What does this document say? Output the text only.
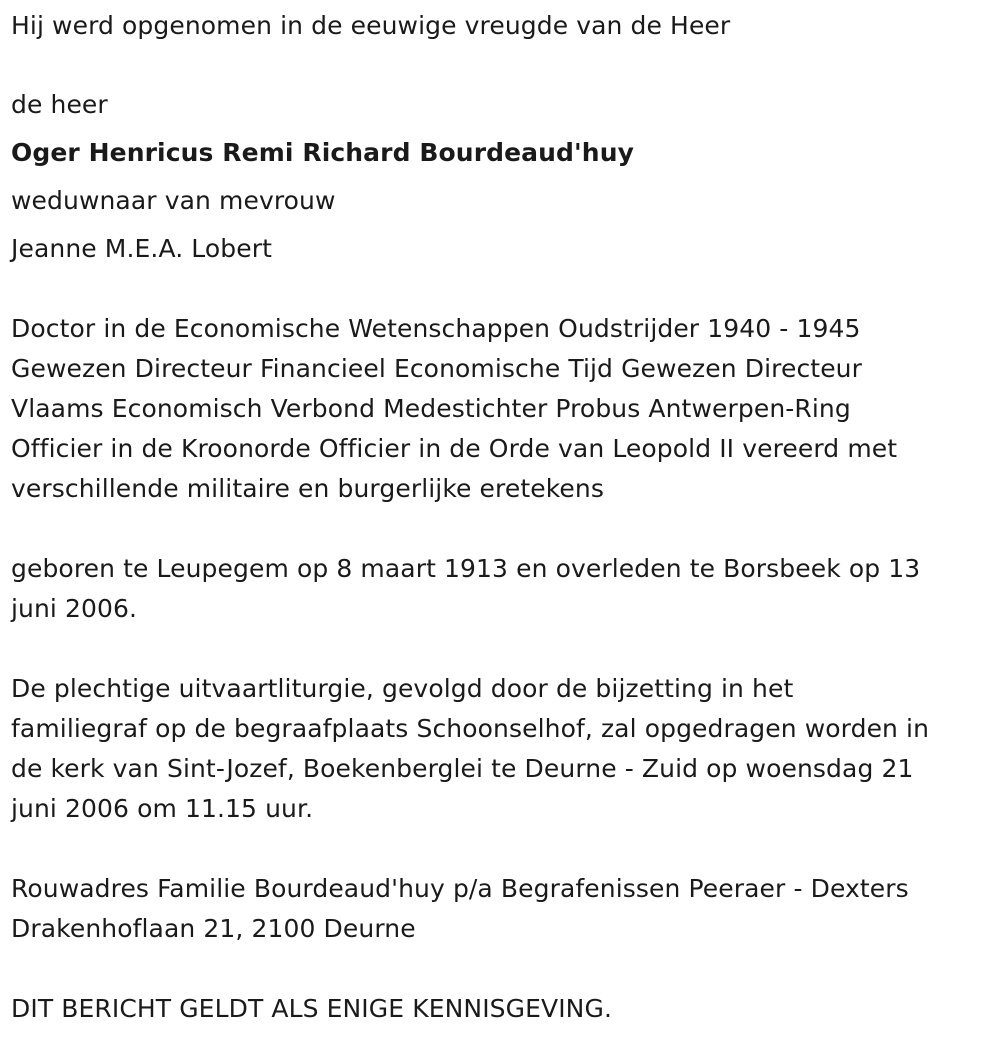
Hij werd opgenomen in de eeuwige vreugde van de Heer

de heer

Oger Henricus Remi Richard Bourdeaud'huy

weduwnaar van mevrouw

Jeanne M.E.A. Lobert

Doctor in de Economische Wetenschappen Oudstrijder 1940 - 1945

Gewezen Directeur Financieel Economische Tijd Gewezen Directeur

Vlaams Economisch Verbond Medestichter Probus Antwerpen-Ring

Officier in de Kroonorde Officier in de Orde van Leopold II vereerd met

verschillende militaire en burgerlijke eretekens

geboren te Leupegem op 8 maart 1913 en overleden te Borsbeek op 13

juni 2006.

De plechtige uitvaartliturgie, gevolgd door de bijzetting in het

familiegraf op de begraafplaats Schoonselhof, zal opgedragen worden in

de kerk van Sint-Jozef, Boekenberglei te Deurne - Zuid op woensdag 21

juni 2006 om 11.15 uur.

Rouwadres Familie Bourdeaud'huy p/a Begrafenissen Peeraer - Dexters

Drakenhoflaan 21, 2100 Deurne

DIT BERICHT GELDT ALS ENIGE KENNISGEVING.
